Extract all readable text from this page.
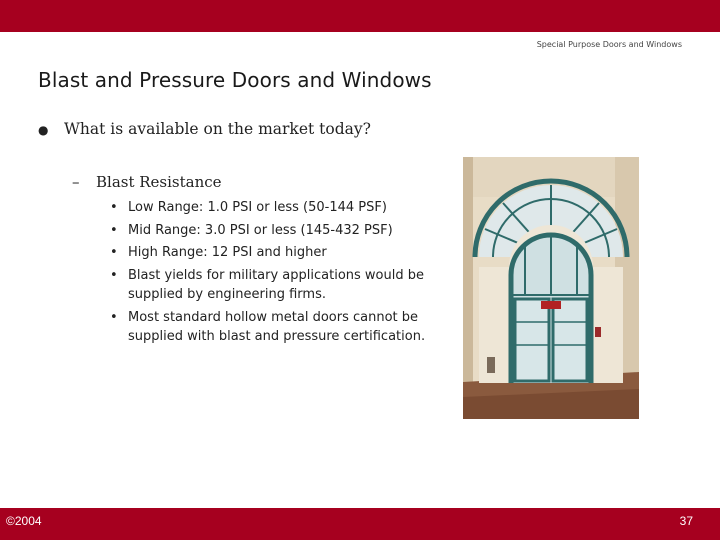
Special Purpose Doors and Windows
Blast and Pressure Doors and Windows
● What is available on the market today?
– Blast Resistance
• Low Range: 1.0 PSI or less (50-144 PSF)
• Mid Range: 3.0 PSI or less (145-432 PSF)
• High Range: 12 PSI and higher
• Blast yields for military applications would be supplied by engineering firms.
• Most standard hollow metal doors cannot be supplied with blast and pressure certification.
©2004	37
